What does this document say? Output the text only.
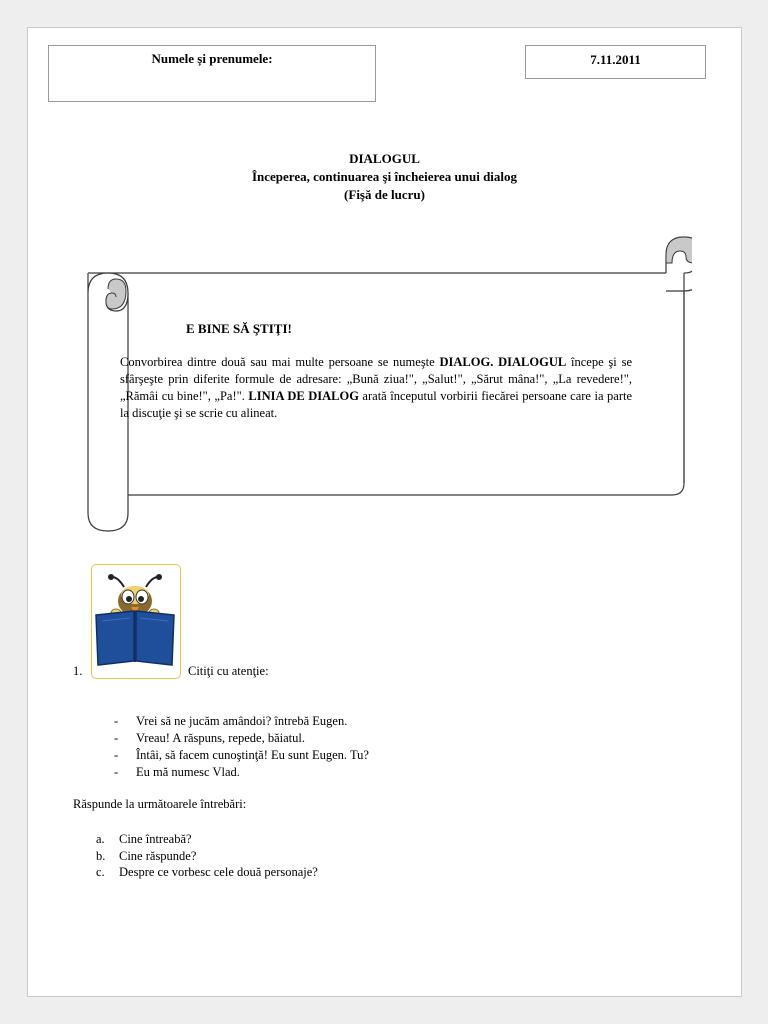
Numele și prenumele:	7.11.2011
DIALOGUL
Începerea, continuarea şi încheierea unui dialog
(Fişă de lucru)
E BINE SĂ ŞTIŢI!
Convorbirea dintre două sau mai multe persoane se numeşte DIALOG. DIALOGUL începe şi se sfârşeşte prin diferite formule de adresare: „Bună ziua!", „Salut!", „Sărut mâna!", „La revedere!", „Rămâi cu bine!", „Pa!". LINIA DE DIALOG arată începutul vorbirii fiecărei persoane care ia parte la discuţie şi se scrie cu alineat.
1.	Citiţi cu atenţie:
- Vrei să ne jucăm amândoi? întrebă Eugen.
- Vreau! A răspuns, repede, băiatul.
- Întâi, să facem cunoştinţă! Eu sunt Eugen. Tu?
- Eu mă numesc Vlad.
Răspunde la următoarele întrebări:
a. Cine întreabă?
b. Cine răspunde?
c. Despre ce vorbesc cele două personaje?
